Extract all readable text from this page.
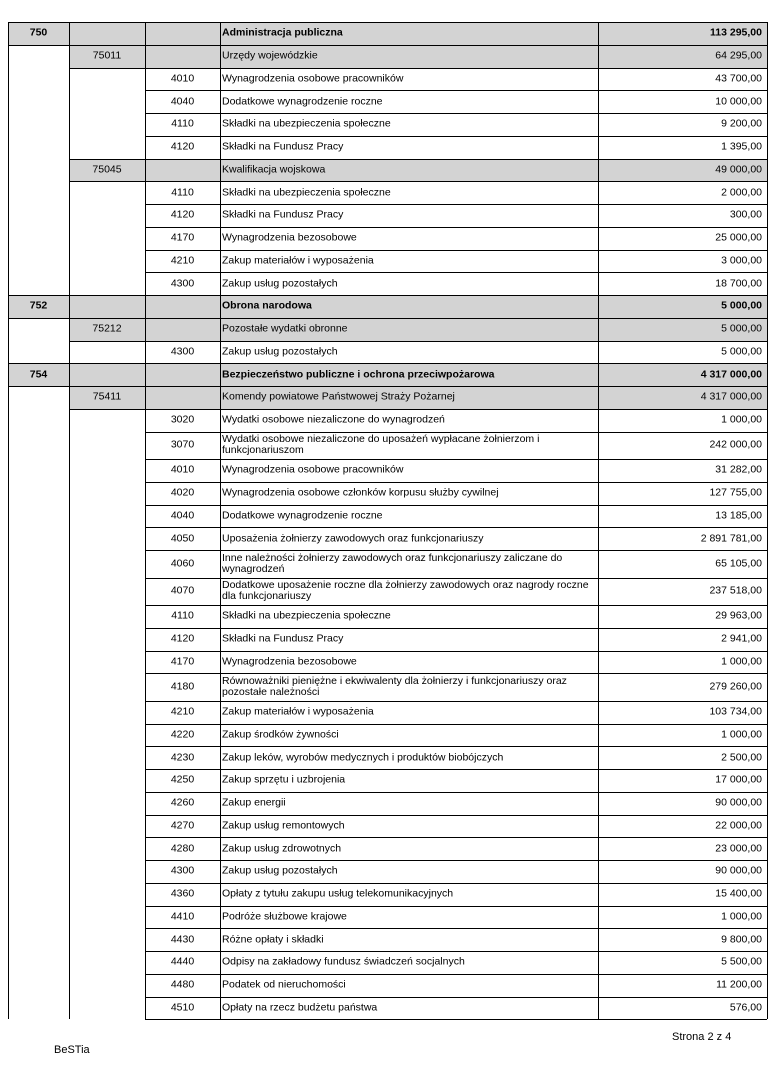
750	Administracja publiczna	113 295,00
75011	Urzędy wojewódzkie	64 295,00
4010	Wynagrodzenia osobowe pracowników	43 700,00
4040	Dodatkowe wynagrodzenie roczne	10 000,00
4110	Składki na ubezpieczenia społeczne	9 200,00
4120	Składki na Fundusz Pracy	1 395,00
75045	Kwalifikacja wojskowa	49 000,00
4110	Składki na ubezpieczenia społeczne	2 000,00
4120	Składki na Fundusz Pracy	300,00
4170	Wynagrodzenia bezosobowe	25 000,00
4210	Zakup materiałów i wyposażenia	3 000,00
4300	Zakup usług pozostałych	18 700,00
752	Obrona narodowa	5 000,00
75212	Pozostałe wydatki obronne	5 000,00
4300	Zakup usług pozostałych	5 000,00
754	Bezpieczeństwo publiczne i ochrona przeciwpożarowa	4 317 000,00
75411	Komendy powiatowe Państwowej Straży Pożarnej	4 317 000,00
3020	Wydatki osobowe niezaliczone do wynagrodzeń	1 000,00
3070	Wydatki osobowe niezaliczone do uposażeń wypłacane żołnierzom i funkcjonariuszom	242 000,00
4010	Wynagrodzenia osobowe pracowników	31 282,00
4020	Wynagrodzenia osobowe członków korpusu służby cywilnej	127 755,00
4040	Dodatkowe wynagrodzenie roczne	13 185,00
4050	Uposażenia żołnierzy zawodowych oraz funkcjonariuszy	2 891 781,00
4060	Inne należności żołnierzy zawodowych oraz funkcjonariuszy zaliczane do wynagrodzeń	65 105,00
4070	Dodatkowe uposażenie roczne dla żołnierzy zawodowych oraz nagrody roczne dla funkcjonariuszy	237 518,00
4110	Składki na ubezpieczenia społeczne	29 963,00
4120	Składki na Fundusz Pracy	2 941,00
4170	Wynagrodzenia bezosobowe	1 000,00
4180	Równoważniki pieniężne i ekwiwalenty dla żołnierzy i funkcjonariuszy oraz pozostałe należności	279 260,00
4210	Zakup materiałów i wyposażenia	103 734,00
4220	Zakup środków żywności	1 000,00
4230	Zakup leków, wyrobów medycznych i produktów biobójczych	2 500,00
4250	Zakup sprzętu i uzbrojenia	17 000,00
4260	Zakup energii	90 000,00
4270	Zakup usług remontowych	22 000,00
4280	Zakup usług zdrowotnych	23 000,00
4300	Zakup usług pozostałych	90 000,00
4360	Opłaty z tytułu zakupu usług telekomunikacyjnych	15 400,00
4410	Podróże służbowe krajowe	1 000,00
4430	Różne opłaty i składki	9 800,00
4440	Odpisy na zakładowy fundusz świadczeń socjalnych	5 500,00
4480	Podatek od nieruchomości	11 200,00
4510	Opłaty na rzecz budżetu państwa	576,00
Strona 2 z 4
BeSTia
